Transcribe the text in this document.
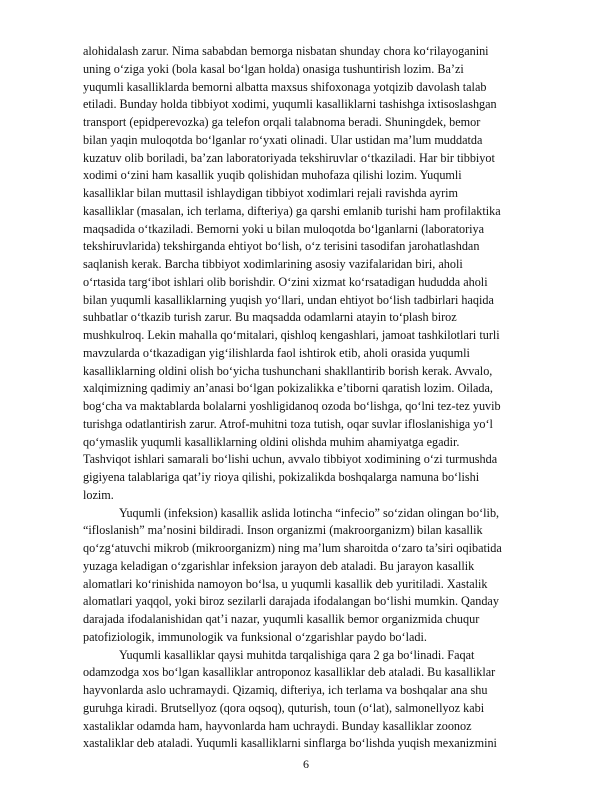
alohidalash zarur. Nima sababdan bemorga nisbatan shunday chora ko‘rilayoganini
uning o‘ziga yoki (bola kasal bo‘lgan holda) onasiga tushuntirish lozim. Ba’zi
yuqumli kasalliklarda bemorni albatta maxsus shifoxonaga yotqizib davolash talab
etiladi. Bunday holda tibbiyot xodimi, yuqumli kasalliklarni tashishga ixtisoslashgan
transport (epidperevozka) ga telefon orqali talabnoma beradi. Shuningdek, bemor
bilan yaqin muloqotda bo‘lganlar ro‘yxati olinadi. Ular ustidan ma’lum muddatda
kuzatuv olib boriladi, ba’zan laboratoriyada tekshiruvlar o‘tkaziladi. Har bir tibbiyot
xodimi o‘zini ham kasallik yuqib qolishidan muhofaza qilishi lozim. Yuqumli
kasalliklar bilan muttasil ishlaydigan tibbiyot xodimlari rejali ravishda ayrim
kasalliklar (masalan, ich terlama, difteriya) ga qarshi emlanib turishi ham profilaktika
maqsadida o‘tkaziladi. Bemorni yoki u bilan muloqotda bo‘lganlarni (laboratoriya
tekshiruvlarida) tekshirganda ehtiyot bo‘lish, o‘z terisini tasodifan jarohatlashdan
saqlanish kerak. Barcha tibbiyot xodimlarining asosiy vazifalaridan biri, aholi
o‘rtasida targ‘ibot ishlari olib borishdir. O‘zini xizmat ko‘rsatadigan hududda aholi
bilan yuqumli kasalliklarning yuqish yo‘llari, undan ehtiyot bo‘lish tadbirlari haqida
suhbatlar o‘tkazib turish zarur. Bu maqsadda odamlarni atayin to‘plash biroz
mushkulroq. Lekin mahalla qo‘mitalari, qishloq kengashlari, jamoat tashkilotlari turli
mavzularda o‘tkazadigan yig‘ilishlarda faol ishtirok etib, aholi orasida yuqumli
kasalliklarning oldini olish bo‘yicha tushunchani shakllantirib borish kerak. Avvalo,
xalqimizning qadimiy an’anasi bo‘lgan pokizalikka e’tiborni qaratish lozim. Oilada,
bog‘cha va maktablarda bolalarni yoshligidanoq ozoda bo‘lishga, qo‘lni tez-tez yuvib
turishga odatlantirish zarur. Atrof-muhitni toza tutish, oqar suvlar ifloslanishiga yo‘l
qo‘ymaslik yuqumli kasalliklarning oldini olishda muhim ahamiyatga egadir.
Tashviqot ishlari samarali bo‘lishi uchun, avvalo tibbiyot xodimining o‘zi turmushda
gigiyena talablariga qat’iy rioya qilishi, pokizalikda boshqalarga namuna bo‘lishi
lozim.
Yuqumli (infeksion) kasallik aslida lotincha “infecio” so‘zidan olingan bo‘lib,
“ifloslanish” ma’nosini bildiradi. Inson organizmi (makroorganizm) bilan kasallik
qo‘zg‘atuvchi mikrob (mikroorganizm) ning ma’lum sharoitda o‘zaro ta’siri oqibatida
yuzaga keladigan o‘zgarishlar infeksion jarayon deb ataladi. Bu jarayon kasallik
alomatlari ko‘rinishida namoyon bo‘lsa, u yuqumli kasallik deb yuritiladi. Xastalik
alomatlari yaqqol, yoki biroz sezilarli darajada ifodalangan bo‘lishi mumkin. Qanday
darajada ifodalanishidan qat’i nazar, yuqumli kasallik bemor organizmida chuqur
patofiziologik, immunologik va funksional o‘zgarishlar paydo bo‘ladi.
Yuqumli kasalliklar qaysi muhitda tarqalishiga qara 2 ga bo‘linadi. Faqat
odamzodga xos bo‘lgan kasalliklar antroponoz kasalliklar deb ataladi. Bu kasalliklar
hayvonlarda aslo uchramaydi. Qizamiq, difteriya, ich terlama va boshqalar ana shu
guruhga kiradi. Brutsellyoz (qora oqsoq), quturish, toun (o‘lat), salmonellyoz kabi
xastaliklar odamda ham, hayvonlarda ham uchraydi. Bunday kasalliklar zoonoz
xastaliklar deb ataladi. Yuqumli kasalliklarni sinflarga bo‘lishda yuqish mexanizmini
6
